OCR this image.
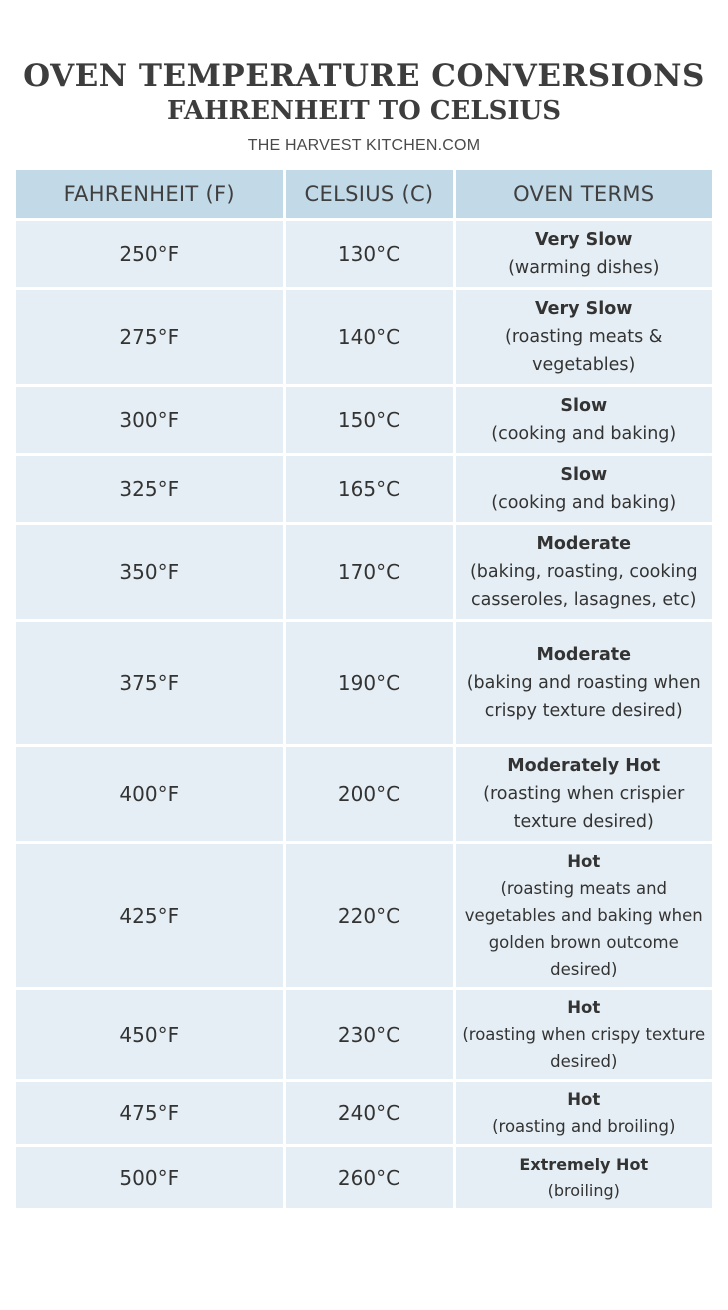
OVEN TEMPERATURE CONVERSIONS
FAHRENHEIT TO CELSIUS
THE HARVEST KITCHEN.COM
FAHRENHEIT (F)	CELSIUS (C)	OVEN TERMS
250°F	130°C	Very Slow
(warming dishes)

275°F	140°C	Very Slow
(roasting meats & vegetables)

300°F	150°C	Slow
(cooking and baking)

325°F	165°C	Slow
(cooking and baking)

350°F	170°C	Moderate
(baking, roasting, cooking casseroles, lasagnes, etc)

375°F	190°C	Moderate
(baking and roasting when crispy texture desired)

400°F	200°C	Moderately Hot
(roasting when crispier texture desired)

425°F	220°C	Hot
(roasting meats and vegetables and baking when golden brown outcome desired)

450°F	230°C	Hot
(roasting when crispy texture desired)

475°F	240°C	Hot
(roasting and broiling)

500°F	260°C	Extremely Hot
(broiling)
